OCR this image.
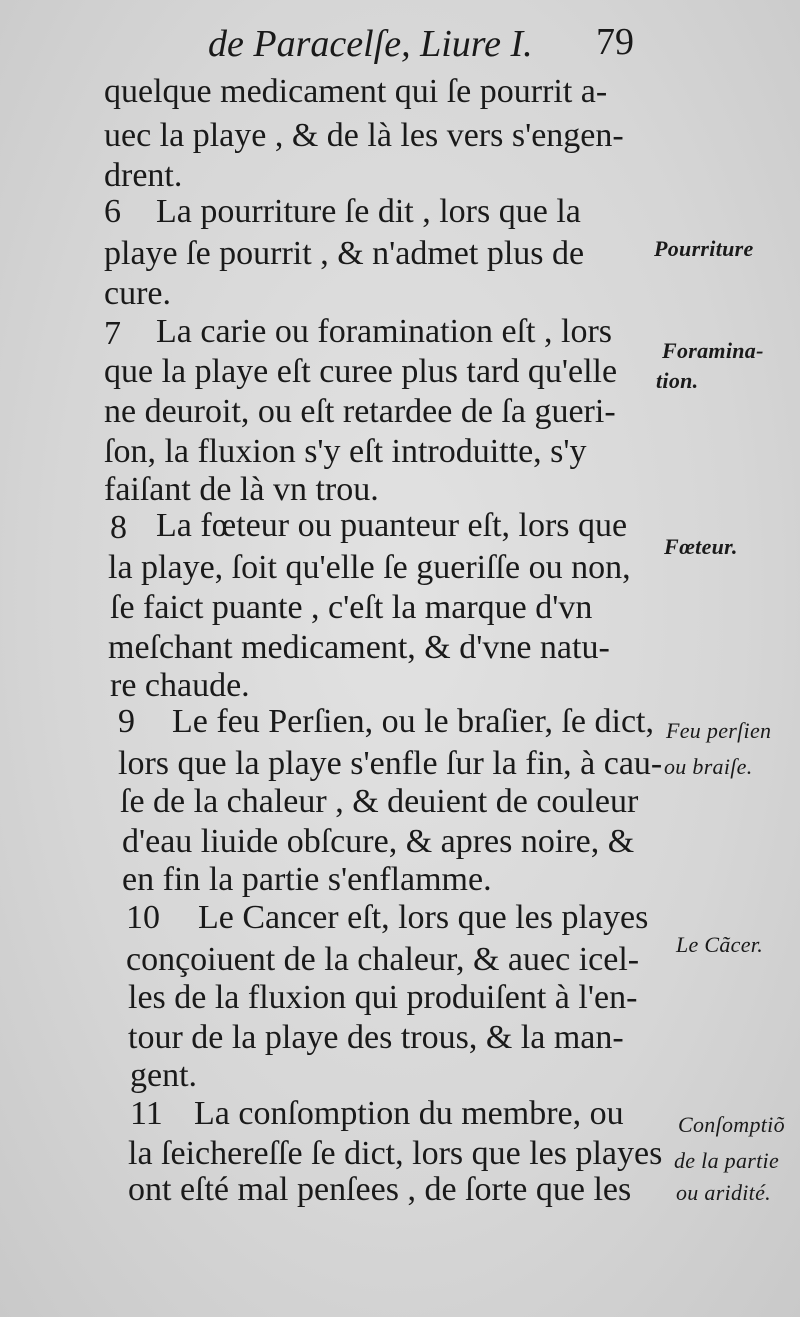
de Paracelſe, Liure I. 79
quelque medicament qui ſe pourrit a-
uec la playe , & de là les vers s'engen-
drent.
6 La pourriture ſe dit , lors que la
playe ſe pourrit , & n'admet plus de
cure.
7 La carie ou foramination eſt , lors
que la playe eſt curee plus tard qu'elle
ne deuroit, ou eſt retardee de ſa gueri-
ſon, la fluxion s'y eſt introduitte, s'y
faiſant de là vn trou.
8 La fœteur ou puanteur eſt, lors que
la playe, ſoit qu'elle ſe gueriſſe ou non,
ſe faict puante , c'eſt la marque d'vn
meſchant medicament, & d'vne natu-
re chaude.
9 Le feu Perſien, ou le braſier, ſe dict,
lors que la playe s'enfle ſur la fin, à cau-
ſe de la chaleur , & deuient de couleur
d'eau liuide obſcure, & apres noire, &
en fin la partie s'enflamme.
10 Le Cancer eſt, lors que les playes
conçoiuent de la chaleur, & auec icel-
les de la fluxion qui produiſent à l'en-
tour de la playe des trous, & la man-
gent.
11 La conſomption du membre, ou
la ſeichereſſe ſe dict, lors que les playes
ont eſté mal penſees , de ſorte que les
Pourriture
Foramina-
tion.
Fœteur.
Feu perſien
ou braiſe.
Le Cãcer.
Conſomptiõ
de la partie
ou aridité.
